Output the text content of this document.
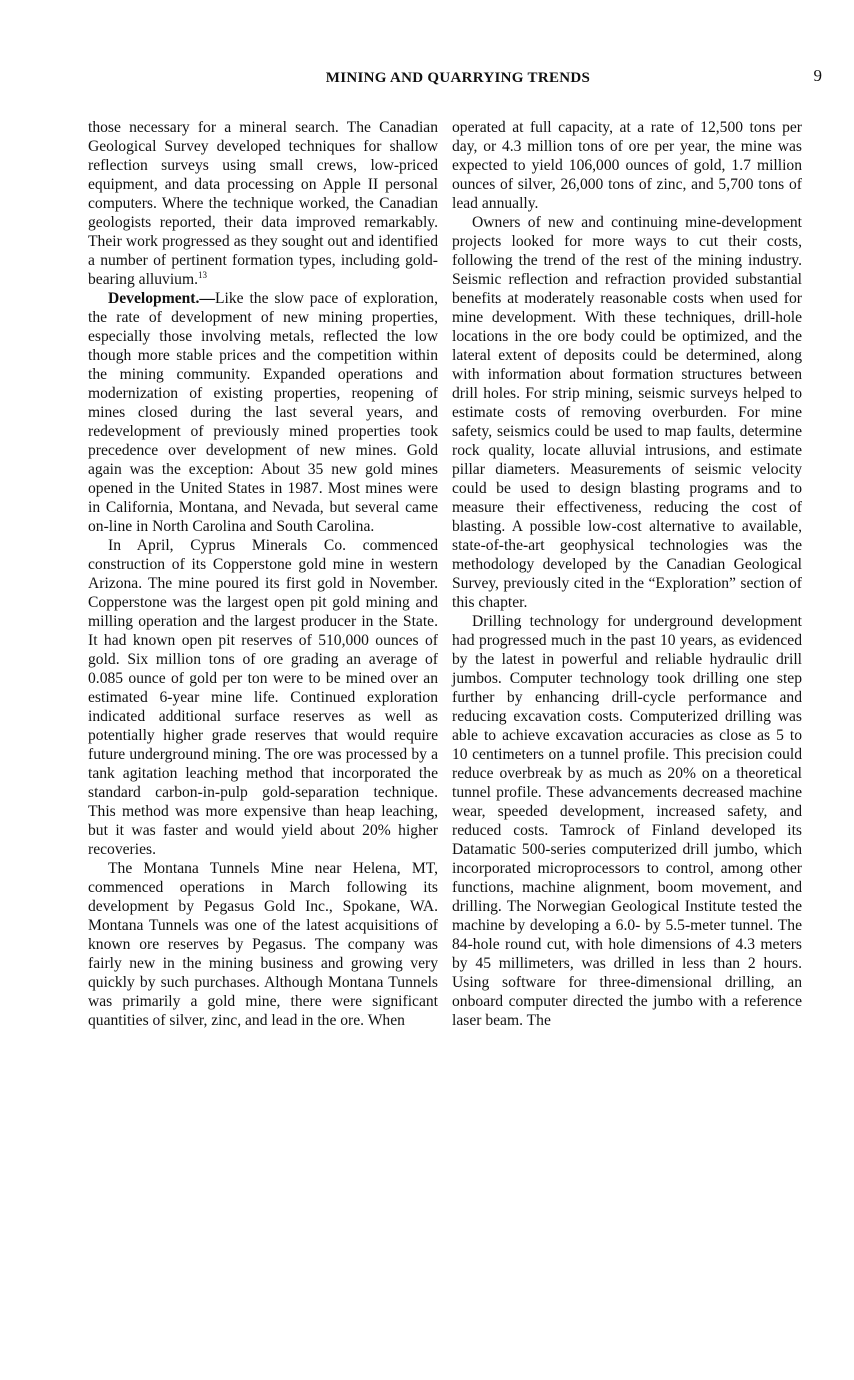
MINING AND QUARRYING TRENDS	9

those necessary for a mineral search. The Canadian Geological Survey developed techniques for shallow reflection surveys using small crews, low-priced equipment, and data processing on Apple II personal computers. Where the technique worked, the Canadian geologists reported, their data improved remarkably. Their work progressed as they sought out and identified a number of pertinent formation types, including gold-bearing alluvium.$^{13}$

Development.—Like the slow pace of exploration, the rate of development of new mining properties, especially those involving metals, reflected the low though more stable prices and the competition within the mining community. Expanded operations and modernization of existing properties, reopening of mines closed during the last several years, and redevelopment of previously mined properties took precedence over development of new mines. Gold again was the exception: About 35 new gold mines opened in the United States in 1987. Most mines were in California, Montana, and Nevada, but several came on-line in North Carolina and South Carolina.

In April, Cyprus Minerals Co. commenced construction of its Copperstone gold mine in western Arizona. The mine poured its first gold in November. Copperstone was the largest open pit gold mining and milling operation and the largest producer in the State. It had known open pit reserves of 510,000 ounces of gold. Six million tons of ore grading an average of 0.085 ounce of gold per ton were to be mined over an estimated 6-year mine life. Continued exploration indicated additional surface reserves as well as potentially higher grade reserves that would require future underground mining. The ore was processed by a tank agitation leaching method that incorporated the standard carbon-in-pulp gold-separation technique. This method was more expensive than heap leaching, but it was faster and would yield about 20% higher recoveries.

The Montana Tunnels Mine near Helena, MT, commenced operations in March following its development by Pegasus Gold Inc., Spokane, WA. Montana Tunnels was one of the latest acquisitions of known ore reserves by Pegasus. The company was fairly new in the mining business and growing very quickly by such purchases. Although Montana Tunnels was primarily a gold mine, there were significant quantities of silver, zinc, and lead in the ore. When

operated at full capacity, at a rate of 12,500 tons per day, or 4.3 million tons of ore per year, the mine was expected to yield 106,000 ounces of gold, 1.7 million ounces of silver, 26,000 tons of zinc, and 5,700 tons of lead annually.

Owners of new and continuing mine-development projects looked for more ways to cut their costs, following the trend of the rest of the mining industry. Seismic reflection and refraction provided substantial benefits at moderately reasonable costs when used for mine development. With these techniques, drill-hole locations in the ore body could be optimized, and the lateral extent of deposits could be determined, along with information about formation structures between drill holes. For strip mining, seismic surveys helped to estimate costs of removing overburden. For mine safety, seismics could be used to map faults, determine rock quality, locate alluvial intrusions, and estimate pillar diameters. Measurements of seismic velocity could be used to design blasting programs and to measure their effectiveness, reducing the cost of blasting. A possible low-cost alternative to available, state-of-the-art geophysical technologies was the methodology developed by the Canadian Geological Survey, previously cited in the “Exploration” section of this chapter.

Drilling technology for underground development had progressed much in the past 10 years, as evidenced by the latest in powerful and reliable hydraulic drill jumbos. Computer technology took drilling one step further by enhancing drill-cycle performance and reducing excavation costs. Computerized drilling was able to achieve excavation accuracies as close as 5 to 10 centimeters on a tunnel profile. This precision could reduce overbreak by as much as 20% on a theoretical tunnel profile. These advancements decreased machine wear, speeded development, increased safety, and reduced costs. Tamrock of Finland developed its Datamatic 500-series computerized drill jumbo, which incorporated microprocessors to control, among other functions, machine alignment, boom movement, and drilling. The Norwegian Geological Institute tested the machine by developing a 6.0- by 5.5-meter tunnel. The 84-hole round cut, with hole dimensions of 4.3 meters by 45 millimeters, was drilled in less than 2 hours. Using software for three-dimensional drilling, an onboard computer directed the jumbo with a reference laser beam. The
